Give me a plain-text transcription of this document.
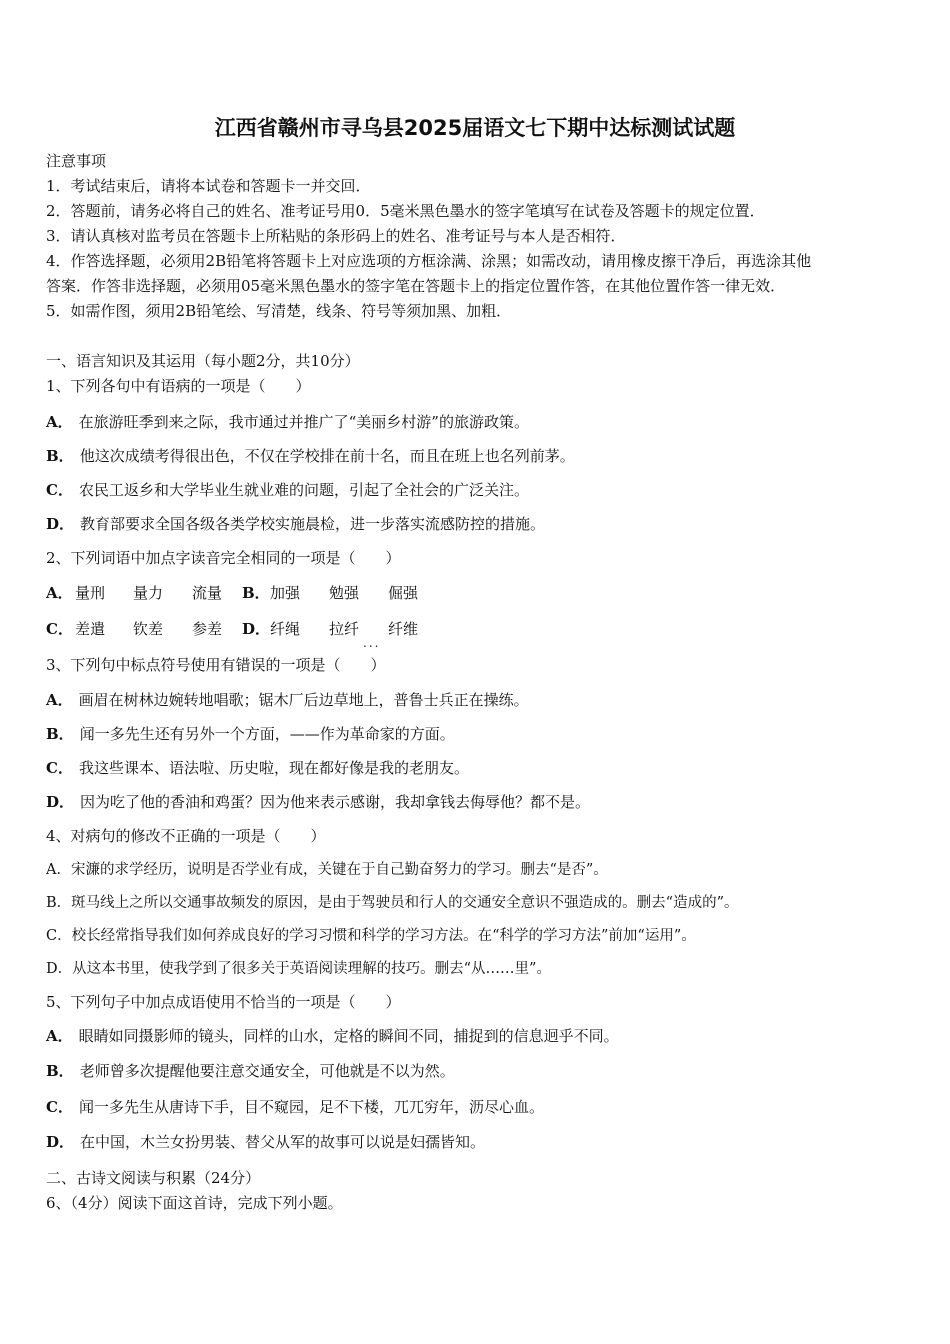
江西省赣州市寻乌县2025届语文七下期中达标测试试题
注意事项
1．考试结束后，请将本试卷和答题卡一并交回．
2．答题前，请务必将自己的姓名、准考证号用0．5毫米黑色墨水的签字笔填写在试卷及答题卡的规定位置．
3．请认真核对监考员在答题卡上所粘贴的条形码上的姓名、准考证号与本人是否相符．
4．作答选择题，必须用2B铅笔将答题卡上对应选项的方框涂满、涂黑；如需改动，请用橡皮擦干净后，再选涂其他
答案．作答非选择题，必须用05毫米黑色墨水的签字笔在答题卡上的指定位置作答，在其他位置作答一律无效．
5．如需作图，须用2B铅笔绘、写清楚，线条、符号等须加黑、加粗．
一、语言知识及其运用（每小题2分，共10分）
1、下列各句中有语病的一项是（　　）
A． 在旅游旺季到来之际，我市通过并推广了“美丽乡村游”的旅游政策。
B． 他这次成绩考得很出色，不仅在学校排在前十名，而且在班上也名列前茅。
C． 农民工返乡和大学毕业生就业难的问题，引起了全社会的广泛关注。
D． 教育部要求全国各级各类学校实施晨检，进一步落实流感防控的措施。
2、下列词语中加点字读音完全相同的一项是（　　）
A． 量刑 量力 流量 B． 加强 勉强 倔强
C． 差遣 钦差 参差 D． 纤绳 拉纤 纤维
...
3、下列句中标点符号使用有错误的一项是（　　）
A． 画眉在树林边婉转地唱歌；锯木厂后边草地上，普鲁士兵正在操练。
B． 闻一多先生还有另外一个方面，——作为革命家的方面。
C． 我这些课本、语法啦、历史啦，现在都好像是我的老朋友。
D． 因为吃了他的香油和鸡蛋？因为他来表示感谢，我却拿钱去侮辱他？都不是。
4、对病句的修改不正确的一项是（　　）
A．宋濂的求学经历，说明是否学业有成，关键在于自己勤奋努力的学习。删去“是否”。
B．斑马线上之所以交通事故频发的原因，是由于驾驶员和行人的交通安全意识不强造成的。删去“造成的”。
C．校长经常指导我们如何养成良好的学习习惯和科学的学习方法。在“科学的学习方法”前加“运用”。
D．从这本书里，使我学到了很多关于英语阅读理解的技巧。删去“从……里”。
5、下列句子中加点成语使用不恰当的一项是（　　）
A． 眼睛如同摄影师的镜头，同样的山水，定格的瞬间不同，捕捉到的信息迥乎不同。
B． 老师曾多次提醒他要注意交通安全，可他就是不以为然。
C． 闻一多先生从唐诗下手，目不窥园，足不下楼，兀兀穷年，沥尽心血。
D． 在中国，木兰女扮男装、替父从军的故事可以说是妇孺皆知。
二、古诗文阅读与积累（24分）
6、（4分）阅读下面这首诗，完成下列小题。
